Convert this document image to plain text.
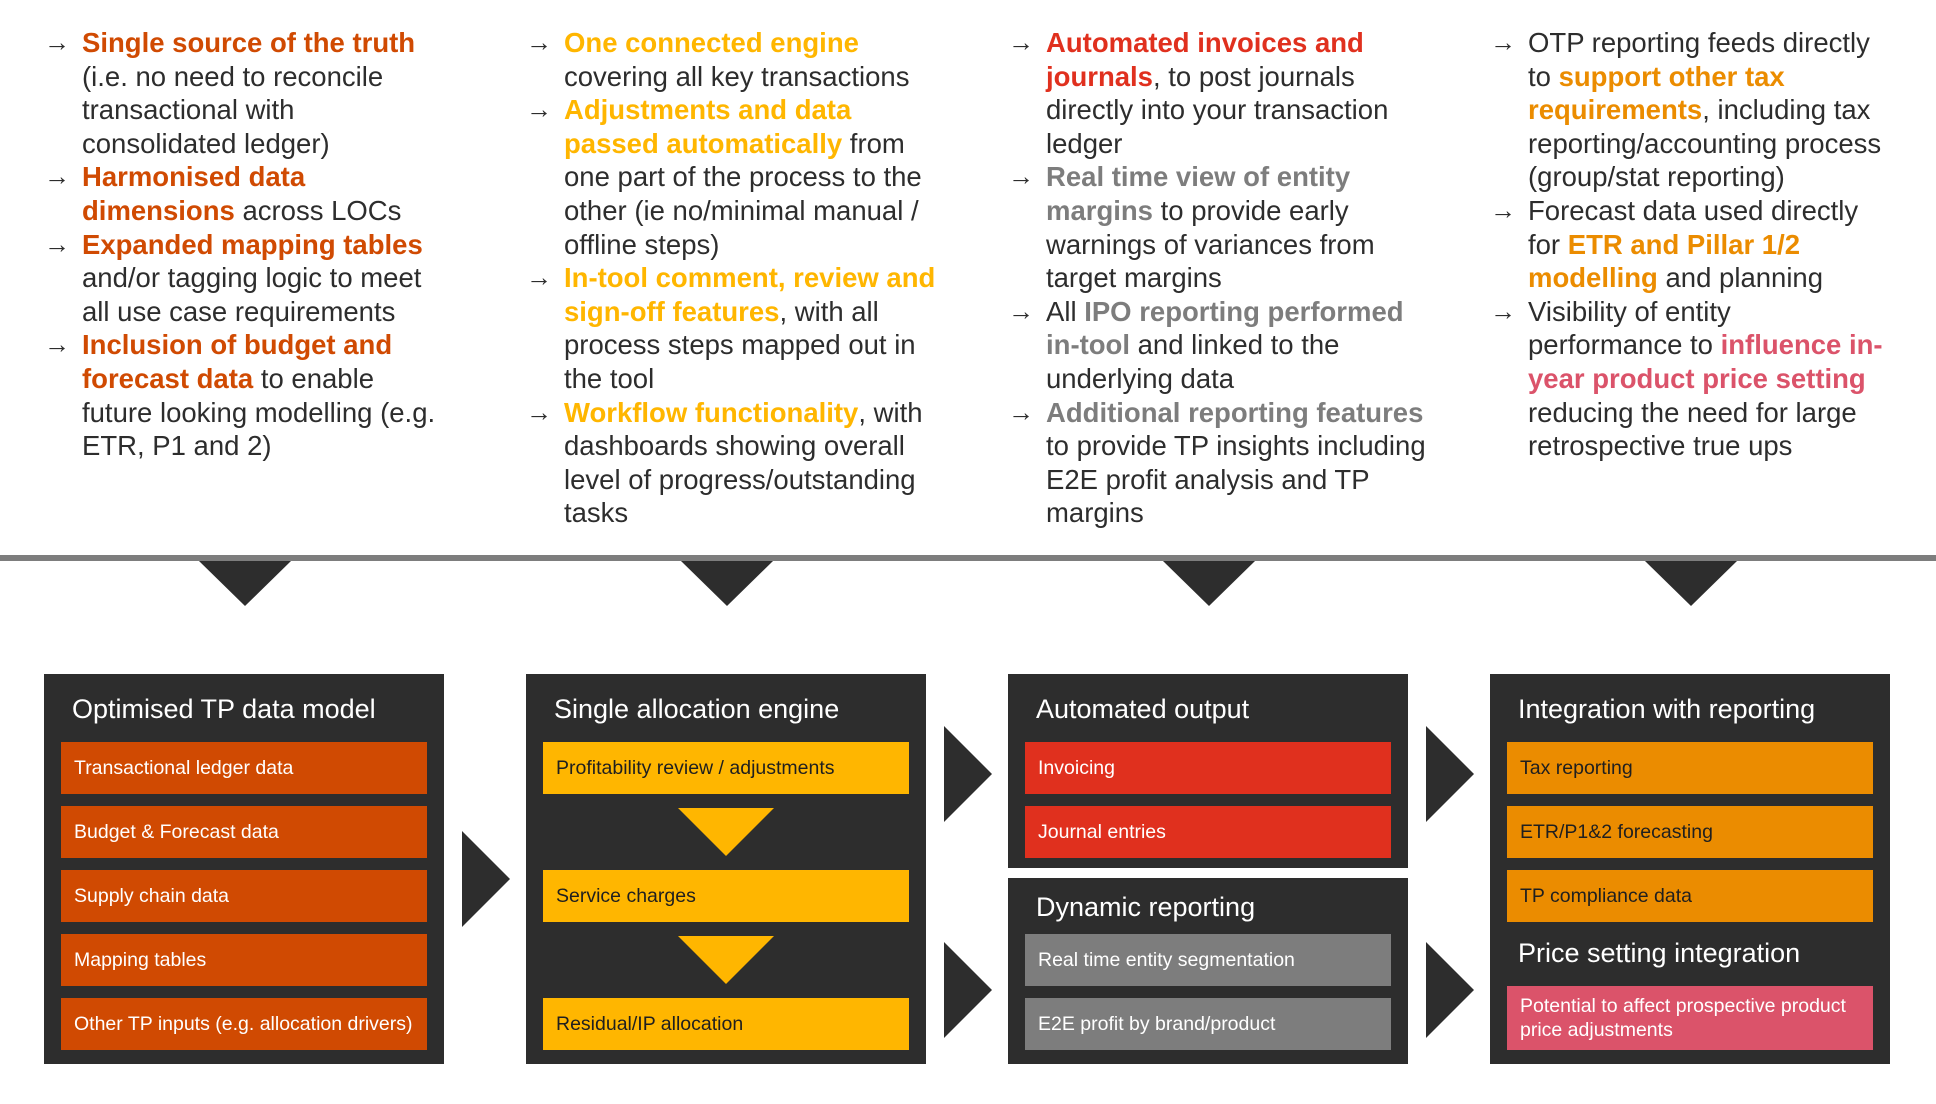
→ Single source of the truth (i.e. no need to reconcile transactional with consolidated ledger)
→ Harmonised data dimensions across LOCs
→ Expanded mapping tables and/or tagging logic to meet all use case requirements
→ Inclusion of budget and forecast data to enable future looking modelling (e.g. ETR, P1 and 2)
→ One connected engine covering all key transactions
→ Adjustments and data passed automatically from one part of the process to the other (ie no/minimal manual / offline steps)
→ In-tool comment, review and sign-off features, with all process steps mapped out in the tool
→ Workflow functionality, with dashboards showing overall level of progress/outstanding tasks
→ Automated invoices and journals, to post journals directly into your transaction ledger
→ Real time view of entity margins to provide early warnings of variances from target margins
→ All IPO reporting performed in-tool and linked to the underlying data
→ Additional reporting features to provide TP insights including E2E profit analysis and TP margins
→ OTP reporting feeds directly to support other tax requirements, including tax reporting/accounting process (group/stat reporting)
→ Forecast data used directly for ETR and Pillar 1/2 modelling and planning
→ Visibility of entity performance to influence in-year product price setting reducing the need for large retrospective true ups
Optimised TP data model
Transactional ledger data
Budget & Forecast data
Supply chain data
Mapping tables
Other TP inputs (e.g. allocation drivers)
Single allocation engine
Profitability review / adjustments
Service charges
Residual/IP allocation
Automated output
Invoicing
Journal entries
Dynamic reporting
Real time entity segmentation
E2E profit by brand/product
Integration with reporting
Tax reporting
ETR/P1&2 forecasting
TP compliance data
Price setting integration
Potential to affect prospective product price adjustments
